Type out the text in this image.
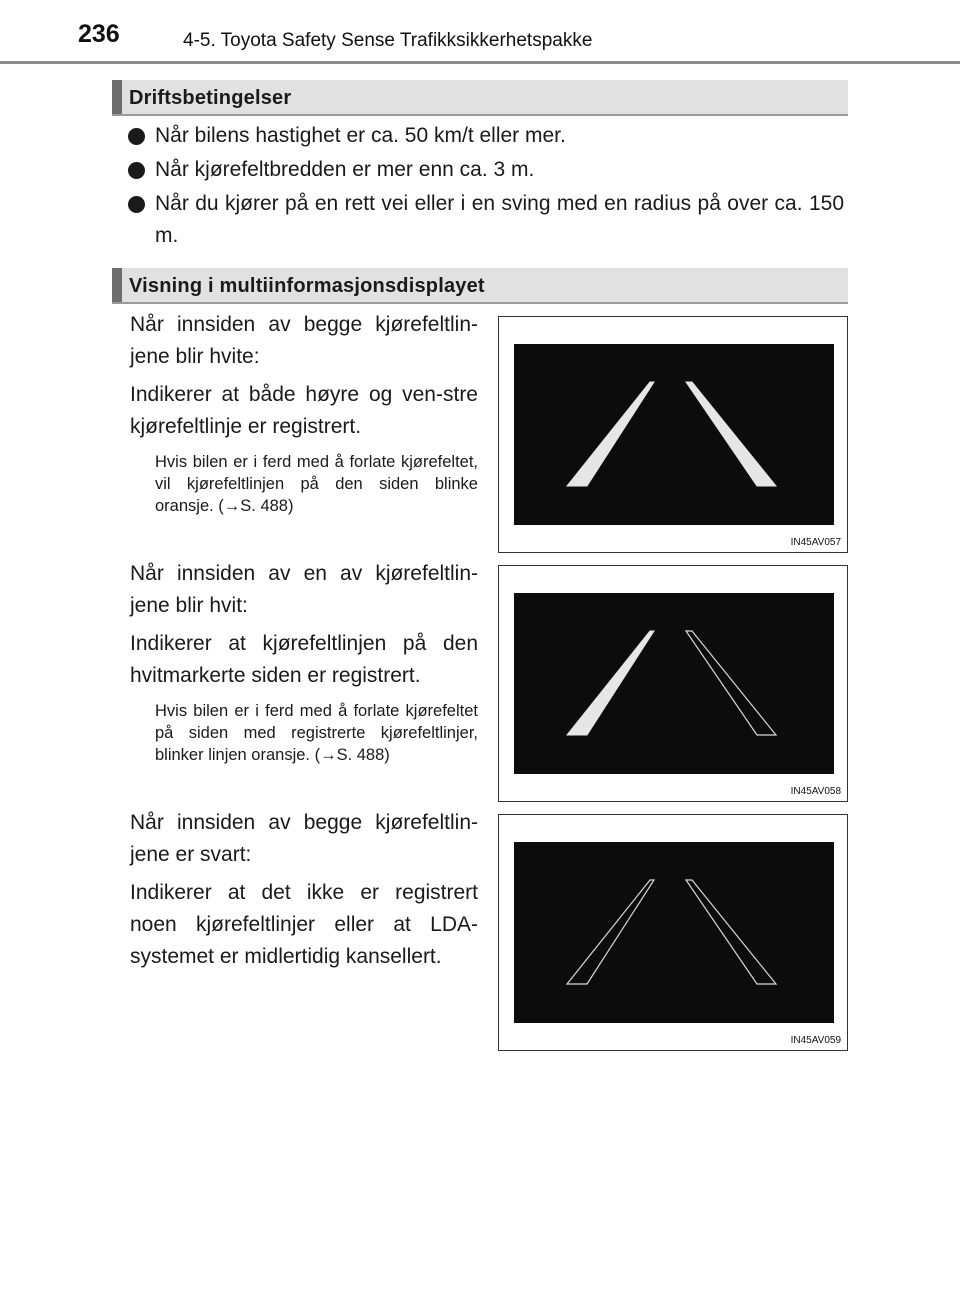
236	4-5. Toyota Safety Sense Trafikksikkerhetspakke
Driftsbetingelser
Når bilens hastighet er ca. 50 km/t eller mer.
Når kjørefeltbredden er mer enn ca. 3 m.
Når du kjører på en rett vei eller i en sving med en radius på over ca. 150 m.
Visning i multiinformasjonsdisplayet

Når innsiden av begge kjørefeltlin-jene blir hvite:

Indikerer at både høyre og ven-stre kjørefeltlinje er registrert.

Hvis bilen er i ferd med å forlate kjørefeltet, vil kjørefeltlinjen på den siden blinke oransje. (→S. 488)

IN45AV057

Når innsiden av en av kjørefeltlin-jene blir hvit:

Indikerer at kjørefeltlinjen på den hvitmarkerte siden er registrert.

Hvis bilen er i ferd med å forlate kjørefeltet på siden med registrerte kjørefeltlinjer, blinker linjen oransje. (→S. 488)

IN45AV058

Når innsiden av begge kjørefeltlin-jene er svart:

Indikerer at det ikke er registrert noen kjørefeltlinjer eller at LDA-systemet er midlertidig kansellert.

IN45AV059
